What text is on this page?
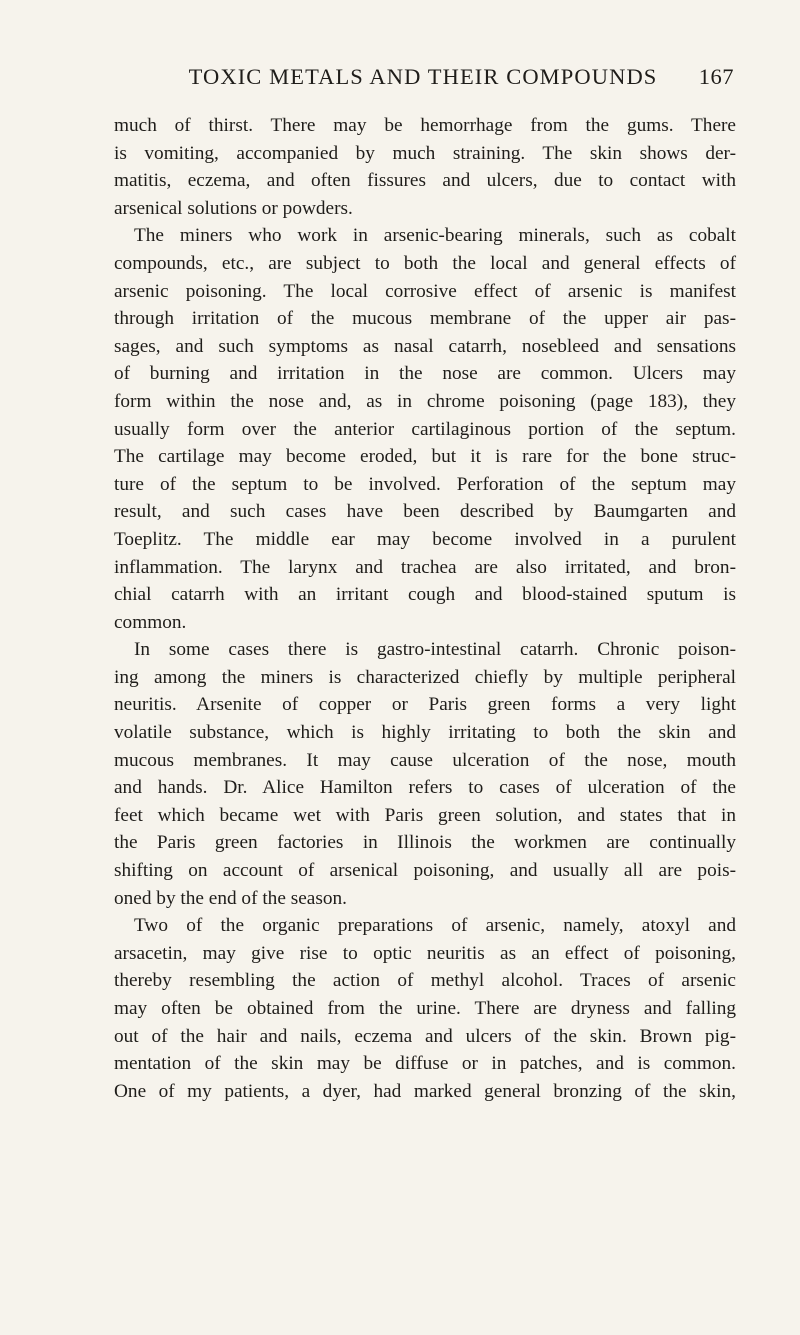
TOXIC METALS AND THEIR COMPOUNDS	167
much of thirst. There may be hemorrhage from the gums. There
is vomiting, accompanied by much straining. The skin shows der-
matitis, eczema, and often fissures and ulcers, due to contact with
arsenical solutions or powders.
The miners who work in arsenic-bearing minerals, such as cobalt
compounds, etc., are subject to both the local and general effects of
arsenic poisoning. The local corrosive effect of arsenic is manifest
through irritation of the mucous membrane of the upper air pas-
sages, and such symptoms as nasal catarrh, nosebleed and sensations
of burning and irritation in the nose are common. Ulcers may
form within the nose and, as in chrome poisoning (page 183), they
usually form over the anterior cartilaginous portion of the septum.
The cartilage may become eroded, but it is rare for the bone struc-
ture of the septum to be involved. Perforation of the septum may
result, and such cases have been described by Baumgarten and
Toeplitz. The middle ear may become involved in a purulent
inflammation. The larynx and trachea are also irritated, and bron-
chial catarrh with an irritant cough and blood-stained sputum is
common.
In some cases there is gastro-intestinal catarrh. Chronic poison-
ing among the miners is characterized chiefly by multiple peripheral
neuritis. Arsenite of copper or Paris green forms a very light
volatile substance, which is highly irritating to both the skin and
mucous membranes. It may cause ulceration of the nose, mouth
and hands. Dr. Alice Hamilton refers to cases of ulceration of the
feet which became wet with Paris green solution, and states that in
the Paris green factories in Illinois the workmen are continually
shifting on account of arsenical poisoning, and usually all are pois-
oned by the end of the season.
Two of the organic preparations of arsenic, namely, atoxyl and
arsacetin, may give rise to optic neuritis as an effect of poisoning,
thereby resembling the action of methyl alcohol. Traces of arsenic
may often be obtained from the urine. There are dryness and falling
out of the hair and nails, eczema and ulcers of the skin. Brown pig-
mentation of the skin may be diffuse or in patches, and is common.
One of my patients, a dyer, had marked general bronzing of the skin,
